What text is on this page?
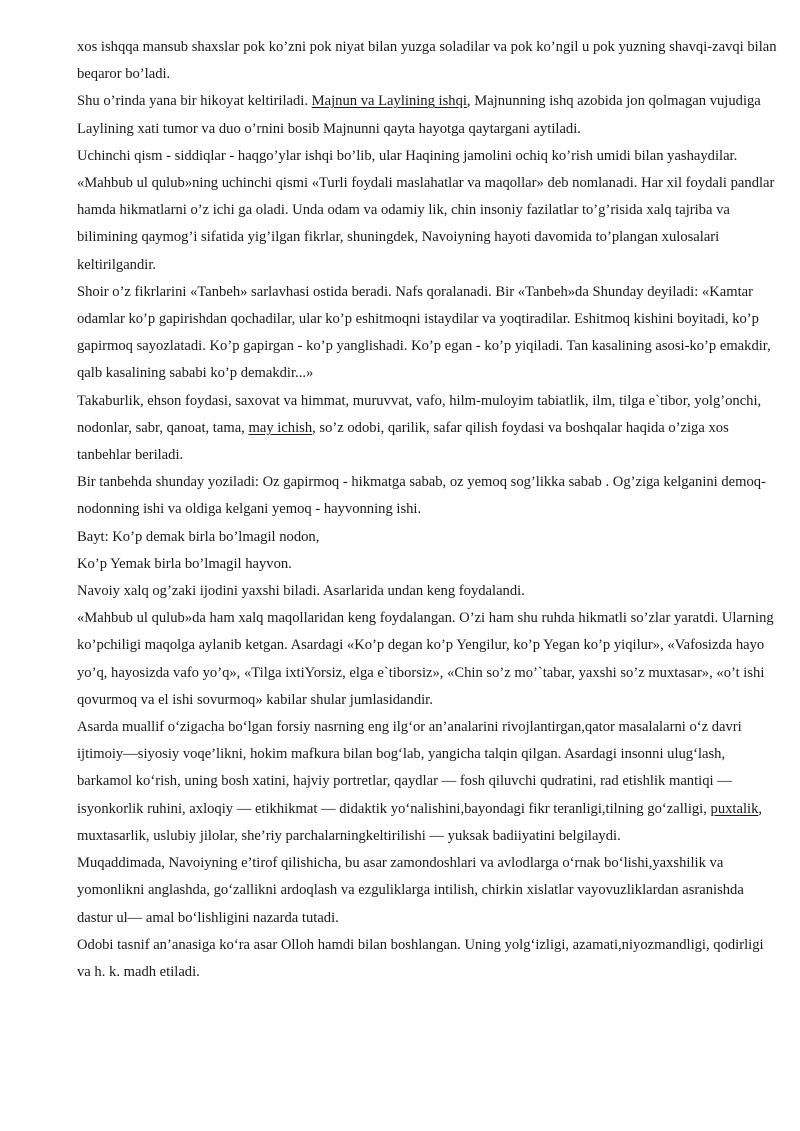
xos ishqqa mansub shaxslar pok ko’zni pok niyat bilan yuzga soladilar va pok ko’ngil u pok yuzning shavqi-zavqi bilan beqaror bo’ladi.

Shu o’rinda yana bir hikoyat keltiriladi. Majnun va Laylining ishqi, Majnunning ishq azobida jon qolmagan vujudiga Laylining xati tumor va duo o’rnini bosib Majnunni qayta hayotga qaytargani aytiladi.

Uchinchi qism - siddiqlar - haqgo’ylar ishqi bo’lib, ular Haqining jamolini ochiq ko’rish umidi bilan yashaydilar.

«Mahbub ul qulub»ning uchinchi qismi «Turli foydali maslahatlar va maqollar» deb nomlanadi. Har xil foydali pandlar hamda hikmatlarni o’z ichi ga oladi. Unda odam va odamiy lik, chin insoniy fazilatlar to’g’risida xalq tajriba va bilimining qaymog’i sifatida yig’ilgan fikrlar, shuningdek, Navoiyning hayoti davomida to’plangan xulosalari keltirilgandir.

Shoir o’z fikrlarini «Tanbeh» sarlavhasi ostida beradi. Nafs qoralanadi. Bir «Tanbeh»da Shunday deyiladi: «Kamtar odamlar ko’p gapirishdan qochadilar, ular ko’p eshitmoqni istaydilar va yoqtiradilar. Eshitmoq kishini boyitadi, ko’p gapirmoq sayozlatadi. Ko’p gapirgan - ko’p yanglishadi. Ko’p egan - ko’p yiqiladi. Tan kasalining asosi-ko’p emakdir, qalb kasalining sababi ko’p demakdir...»

Takaburlik, ehson foydasi, saxovat va himmat, muruvvat, vafo, hilm-muloyim tabiatlik, ilm, tilga e`tibor, yolg’onchi, nodonlar, sabr, qanoat, tama, may ichish, so’z odobi, qarilik, safar qilish foydasi va boshqalar haqida o’ziga xos tanbehlar beriladi.

Bir tanbehda shunday yoziladi: Oz gapirmoq - hikmatga sabab, oz yemoq sog’likka sabab . Og’ziga kelganini demoq-nodonning ishi va oldiga kelgani yemoq - hayvonning ishi.

Bayt: Ko’p demak birla bo’lmagil nodon,

Ko’p Yemak birla bo’lmagil hayvon.

Navoiy xalq og’zaki ijodini yaxshi biladi. Asarlarida undan keng foydalandi.

«Mahbub ul qulub»da ham xalq maqollaridan keng foydalangan. O’zi ham shu ruhda hikmatli so’zlar yaratdi. Ularning ko’pchiligi maqolga aylanib ketgan. Asardagi «Ko’p degan ko’p Yengilur, ko’p Yegan ko’p yiqilur», «Vafosizda hayo yo’q, hayosizda vafo yo’q», «Tilga ixtiYorsiz, elga e`tiborsiz», «Chin so’z mo’`tabar, yaxshi so’z muxtasar», «o’t ishi qovurmoq va el ishi sovurmoq» kabilar shular jumlasidandir.

Asarda muallif o‘zigacha bo‘lgan forsiy nasrning eng ilg‘or an’analarini rivojlantirgan,qator masalalarni o‘z davri ijtimoiy—siyosiy voqe’likni, hokim mafkura bilan bog‘lab, yangicha talqin qilgan. Asardagi insonni ulug‘lash, barkamol ko‘rish, uning bosh xatini, hajviy portretlar, qaydlar — fosh qiluvchi qudratini, rad etishlik mantiqi — isyonkorlik ruhini, axloqiy — etikhikmat — didaktik yo‘nalishini,bayondagi fikr teranligi,tilning go‘zalligi, puxtalik, muxtasarlik, uslubiy jilolar, she’riy parchalarningkeltirilishi — yuksak badiiyatini belgilaydi.

Muqaddimada, Navoiyning e’tirof qilishicha, bu asar zamondoshlari va avlodlarga o‘rnak bo‘lishi,yaxshilik va yomonlikni anglashda, go‘zallikni ardoqlash va ezguliklarga intilish, chirkin xislatlar vayovuzliklardan asranishda dastur ul— amal bo‘lishligini nazarda tutadi.

Odobi tasnif an’anasiga ko‘ra asar Olloh hamdi bilan boshlangan. Uning yolg‘izligi, azamati,niyozmandligi, qodirligi va h. k. madh etiladi.
